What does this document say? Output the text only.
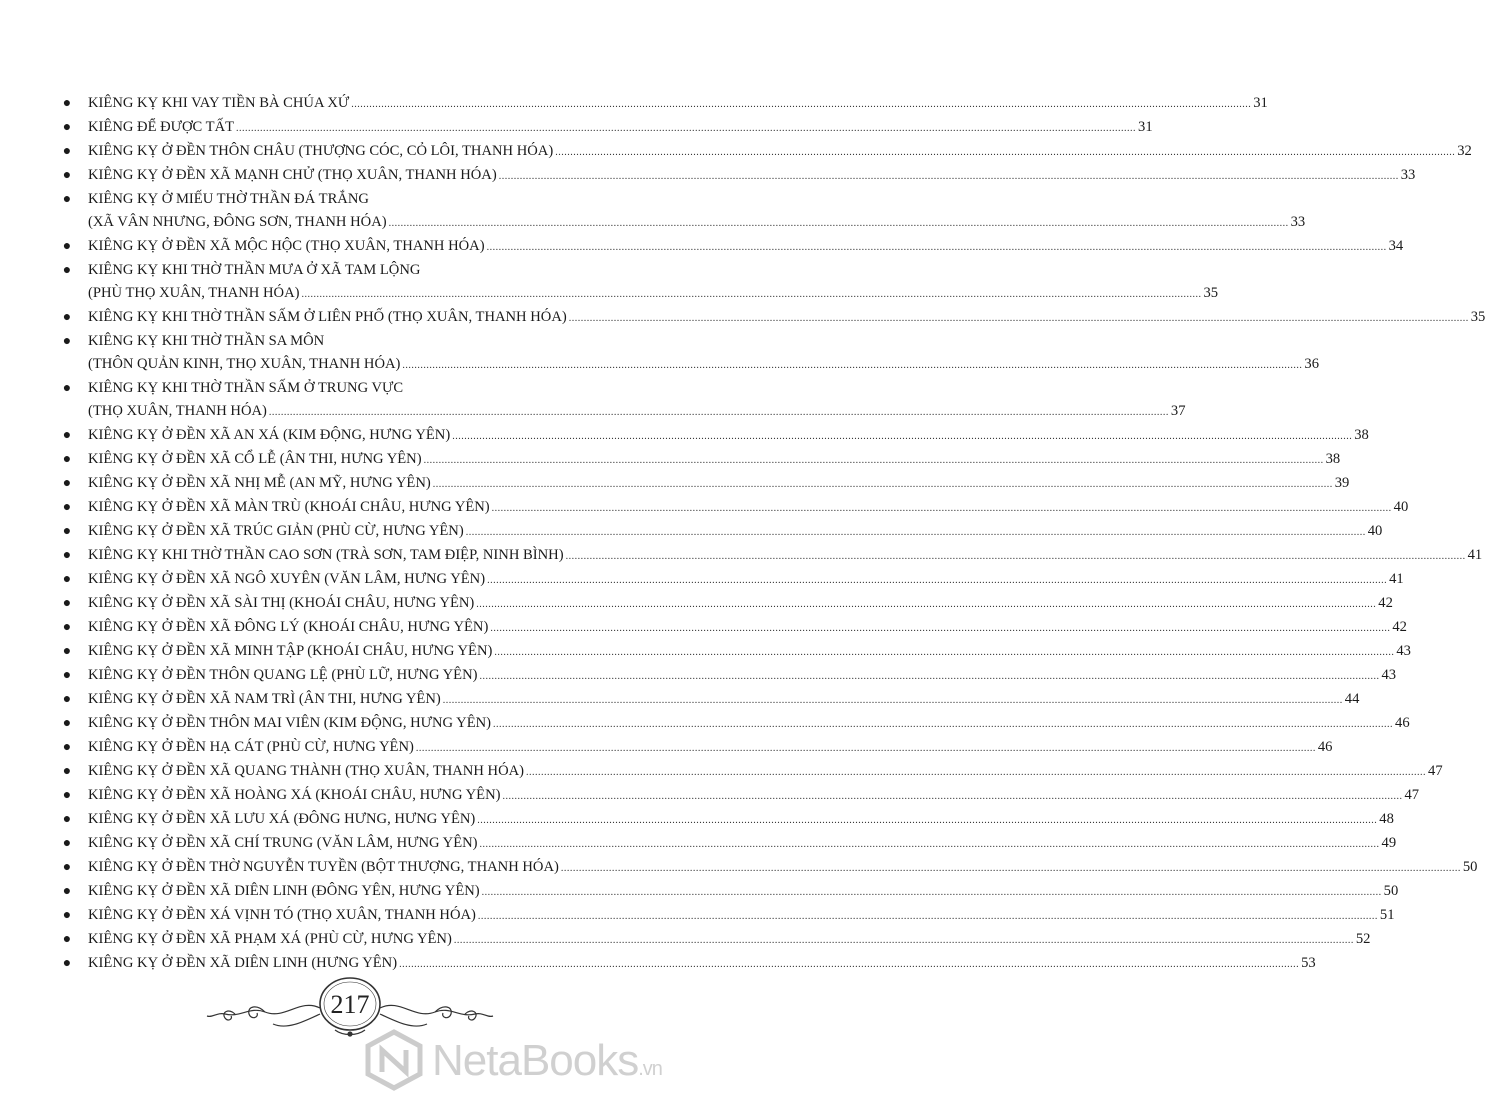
● KIÊNG KỴ KHI VAY TIỀN BÀ CHÚA XỨ ............................................................................................................................................................................................................................................................................................................ 31
● KIÊNG ĐỂ ĐƯỢC TẤT ............................................................................................................................................................................................................................................................................................................ 31
● KIÊNG KỴ Ở ĐỀN THÔN CHÂU (THƯỢNG CÓC, CỎ LÔI, THANH HÓA) ............................................................................................................................................................................................................................................................................................................ 32
● KIÊNG KỴ Ở ĐỀN XÃ MẠNH CHỬ (THỌ XUÂN, THANH HÓA) ............................................................................................................................................................................................................................................................................................................ 33
● KIÊNG KỴ Ở MIẾU THỜ THẦN ĐÁ TRẮNG
(XÃ VÂN NHƯNG, ĐÔNG SƠN, THANH HÓA) ............................................................................................................................................................................................................................................................................................................ 33
● KIÊNG KỴ Ở ĐỀN XÃ MỘC HỘC (THỌ XUÂN, THANH HÓA) ............................................................................................................................................................................................................................................................................................................ 34
● KIÊNG KỴ KHI THỜ THẦN MƯA Ở XÃ TAM LỘNG
(PHÙ THỌ XUÂN, THANH HÓA) ............................................................................................................................................................................................................................................................................................................ 35
● KIÊNG KỴ KHI THỜ THẦN SẤM Ở LIÊN PHỐ (THỌ XUÂN, THANH HÓA) ............................................................................................................................................................................................................................................................................................................ 35
● KIÊNG KỴ KHI THỜ THẦN SA MÔN
(THÔN QUẢN KINH, THỌ XUÂN, THANH HÓA) ............................................................................................................................................................................................................................................................................................................ 36
● KIÊNG KỴ KHI THỜ THẦN SẤM Ở TRUNG VỰC
(THỌ XUÂN, THANH HÓA) ............................................................................................................................................................................................................................................................................................................ 37
● KIÊNG KỴ Ở ĐỀN XÃ AN XÁ (KIM ĐỘNG, HƯNG YÊN) ............................................................................................................................................................................................................................................................................................................ 38
● KIÊNG KỴ Ở ĐỀN XÃ CỔ LỄ (ÂN THI, HƯNG YÊN) ............................................................................................................................................................................................................................................................................................................ 38
● KIÊNG KỴ Ở ĐỀN XÃ NHỊ MỄ (AN MỸ, HƯNG YÊN) ............................................................................................................................................................................................................................................................................................................ 39
● KIÊNG KỴ Ở ĐỀN XÃ MÀN TRÙ (KHOÁI CHÂU, HƯNG YÊN) ............................................................................................................................................................................................................................................................................................................ 40
● KIÊNG KỴ Ở ĐỀN XÃ TRÚC GIẢN (PHÙ CỪ, HƯNG YÊN) ............................................................................................................................................................................................................................................................................................................ 40
● KIÊNG KỴ KHI THỜ THẦN CAO SƠN (TRÀ SƠN, TAM ĐIỆP, NINH BÌNH) ............................................................................................................................................................................................................................................................................................................ 41
● KIÊNG KỴ Ở ĐỀN XÃ NGÔ XUYÊN (VĂN LÂM, HƯNG YÊN) ............................................................................................................................................................................................................................................................................................................ 41
● KIÊNG KỴ Ở ĐỀN XÃ SÀI THỊ (KHOÁI CHÂU, HƯNG YÊN) ............................................................................................................................................................................................................................................................................................................ 42
● KIÊNG KỴ Ở ĐỀN XÃ ĐÔNG LÝ (KHOÁI CHÂU, HƯNG YÊN) ............................................................................................................................................................................................................................................................................................................ 42
● KIÊNG KỴ Ở ĐỀN XÃ MINH TẬP (KHOÁI CHÂU, HƯNG YÊN) ............................................................................................................................................................................................................................................................................................................ 43
● KIÊNG KỴ Ở ĐỀN THÔN QUANG LỆ (PHÙ LỮ, HƯNG YÊN) ............................................................................................................................................................................................................................................................................................................ 43
● KIÊNG KỴ Ở ĐỀN XÃ NAM TRÌ (ÂN THI, HƯNG YÊN) ............................................................................................................................................................................................................................................................................................................ 44
● KIÊNG KỴ Ở ĐỀN THÔN MAI VIÊN (KIM ĐỘNG, HƯNG YÊN) ............................................................................................................................................................................................................................................................................................................ 46
● KIÊNG KỴ Ở ĐỀN HẠ CÁT (PHÙ CỪ, HƯNG YÊN) ............................................................................................................................................................................................................................................................................................................ 46
● KIÊNG KỴ Ở ĐỀN XÃ QUANG THÀNH (THỌ XUÂN, THANH HÓA) ............................................................................................................................................................................................................................................................................................................ 47
● KIÊNG KỴ Ở ĐỀN XÃ HOÀNG XÁ (KHOÁI CHÂU, HƯNG YÊN) ............................................................................................................................................................................................................................................................................................................ 47
● KIÊNG KỴ Ở ĐỀN XÃ LƯU XÁ (ĐÔNG HƯNG, HƯNG YÊN) ............................................................................................................................................................................................................................................................................................................ 48
● KIÊNG KỴ Ở ĐỀN XÃ CHÍ TRUNG (VĂN LÂM, HƯNG YÊN) ............................................................................................................................................................................................................................................................................................................ 49
● KIÊNG KỴ Ở ĐỀN THỜ NGUYỄN TUYỀN (BỘT THƯỢNG, THANH HÓA) ............................................................................................................................................................................................................................................................................................................ 50
● KIÊNG KỴ Ở ĐỀN XÃ DIÊN LINH (ĐÔNG YÊN, HƯNG YÊN) ............................................................................................................................................................................................................................................................................................................ 50
● KIÊNG KỴ Ở ĐỀN XÁ VỊNH TÓ (THỌ XUÂN, THANH HÓA) ............................................................................................................................................................................................................................................................................................................ 51
● KIÊNG KỴ Ở ĐỀN XÃ PHẠM XÁ (PHÙ CỪ, HƯNG YÊN) ............................................................................................................................................................................................................................................................................................................ 52
● KIÊNG KỴ Ở ĐỀN XÃ DIÊN LINH (HƯNG YÊN) ............................................................................................................................................................................................................................................................................................................ 53
217
NetaBooks.vn
